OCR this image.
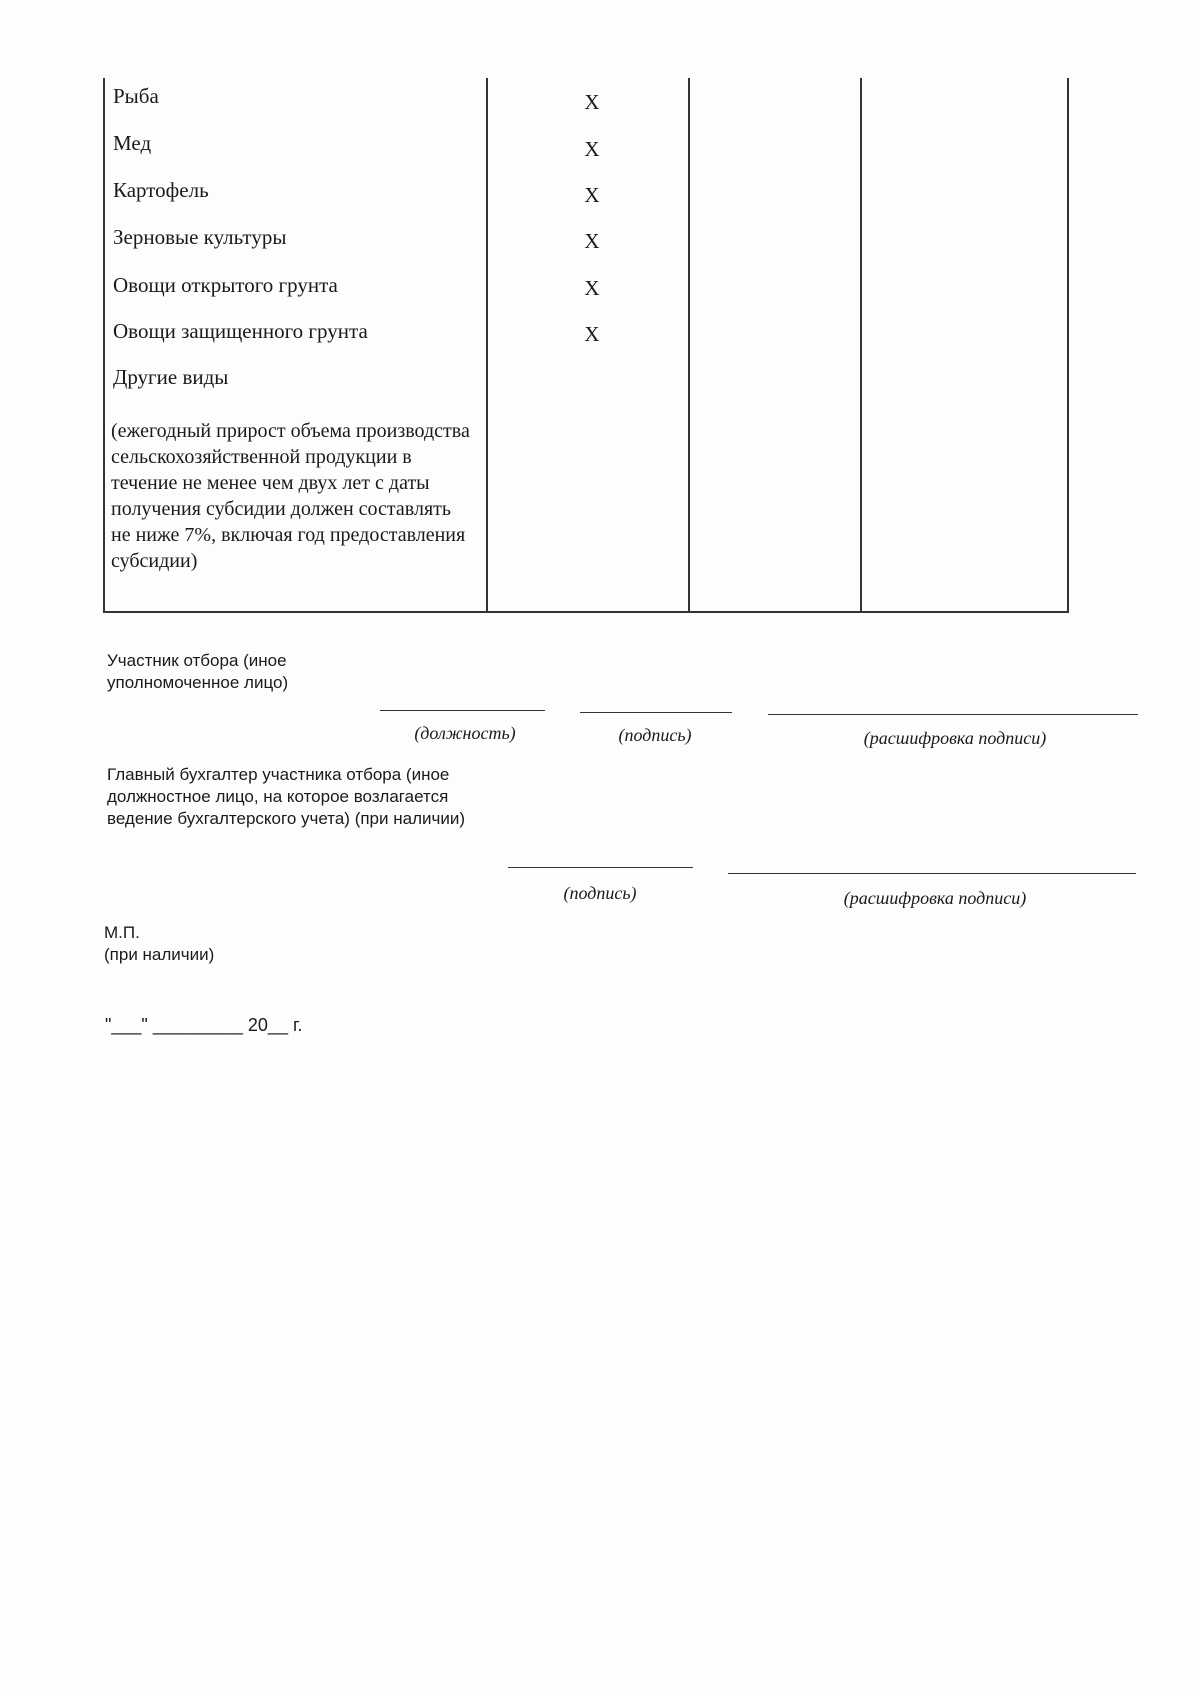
Рыба	X
Мед	X
Картофель	X
Зерновые культуры	X
Овощи открытого грунта	X
Овощи защищенного грунта	X
Другие виды
(ежегодный прирост объема производства сельскохозяйственной продукции в течение не менее чем двух лет с даты получения субсидии должен составлять не ниже 7%, включая год предоставления субсидии)
Участник отбора (иное уполномоченное лицо)
(должность)	(подпись)	(расшифровка подписи)
Главный бухгалтер участника отбора (иное должностное лицо, на которое возлагается ведение бухгалтерского учета) (при наличии)
(подпись)	(расшифровка подписи)
М.П.
(при наличии)
"___" _________ 20__ г.
